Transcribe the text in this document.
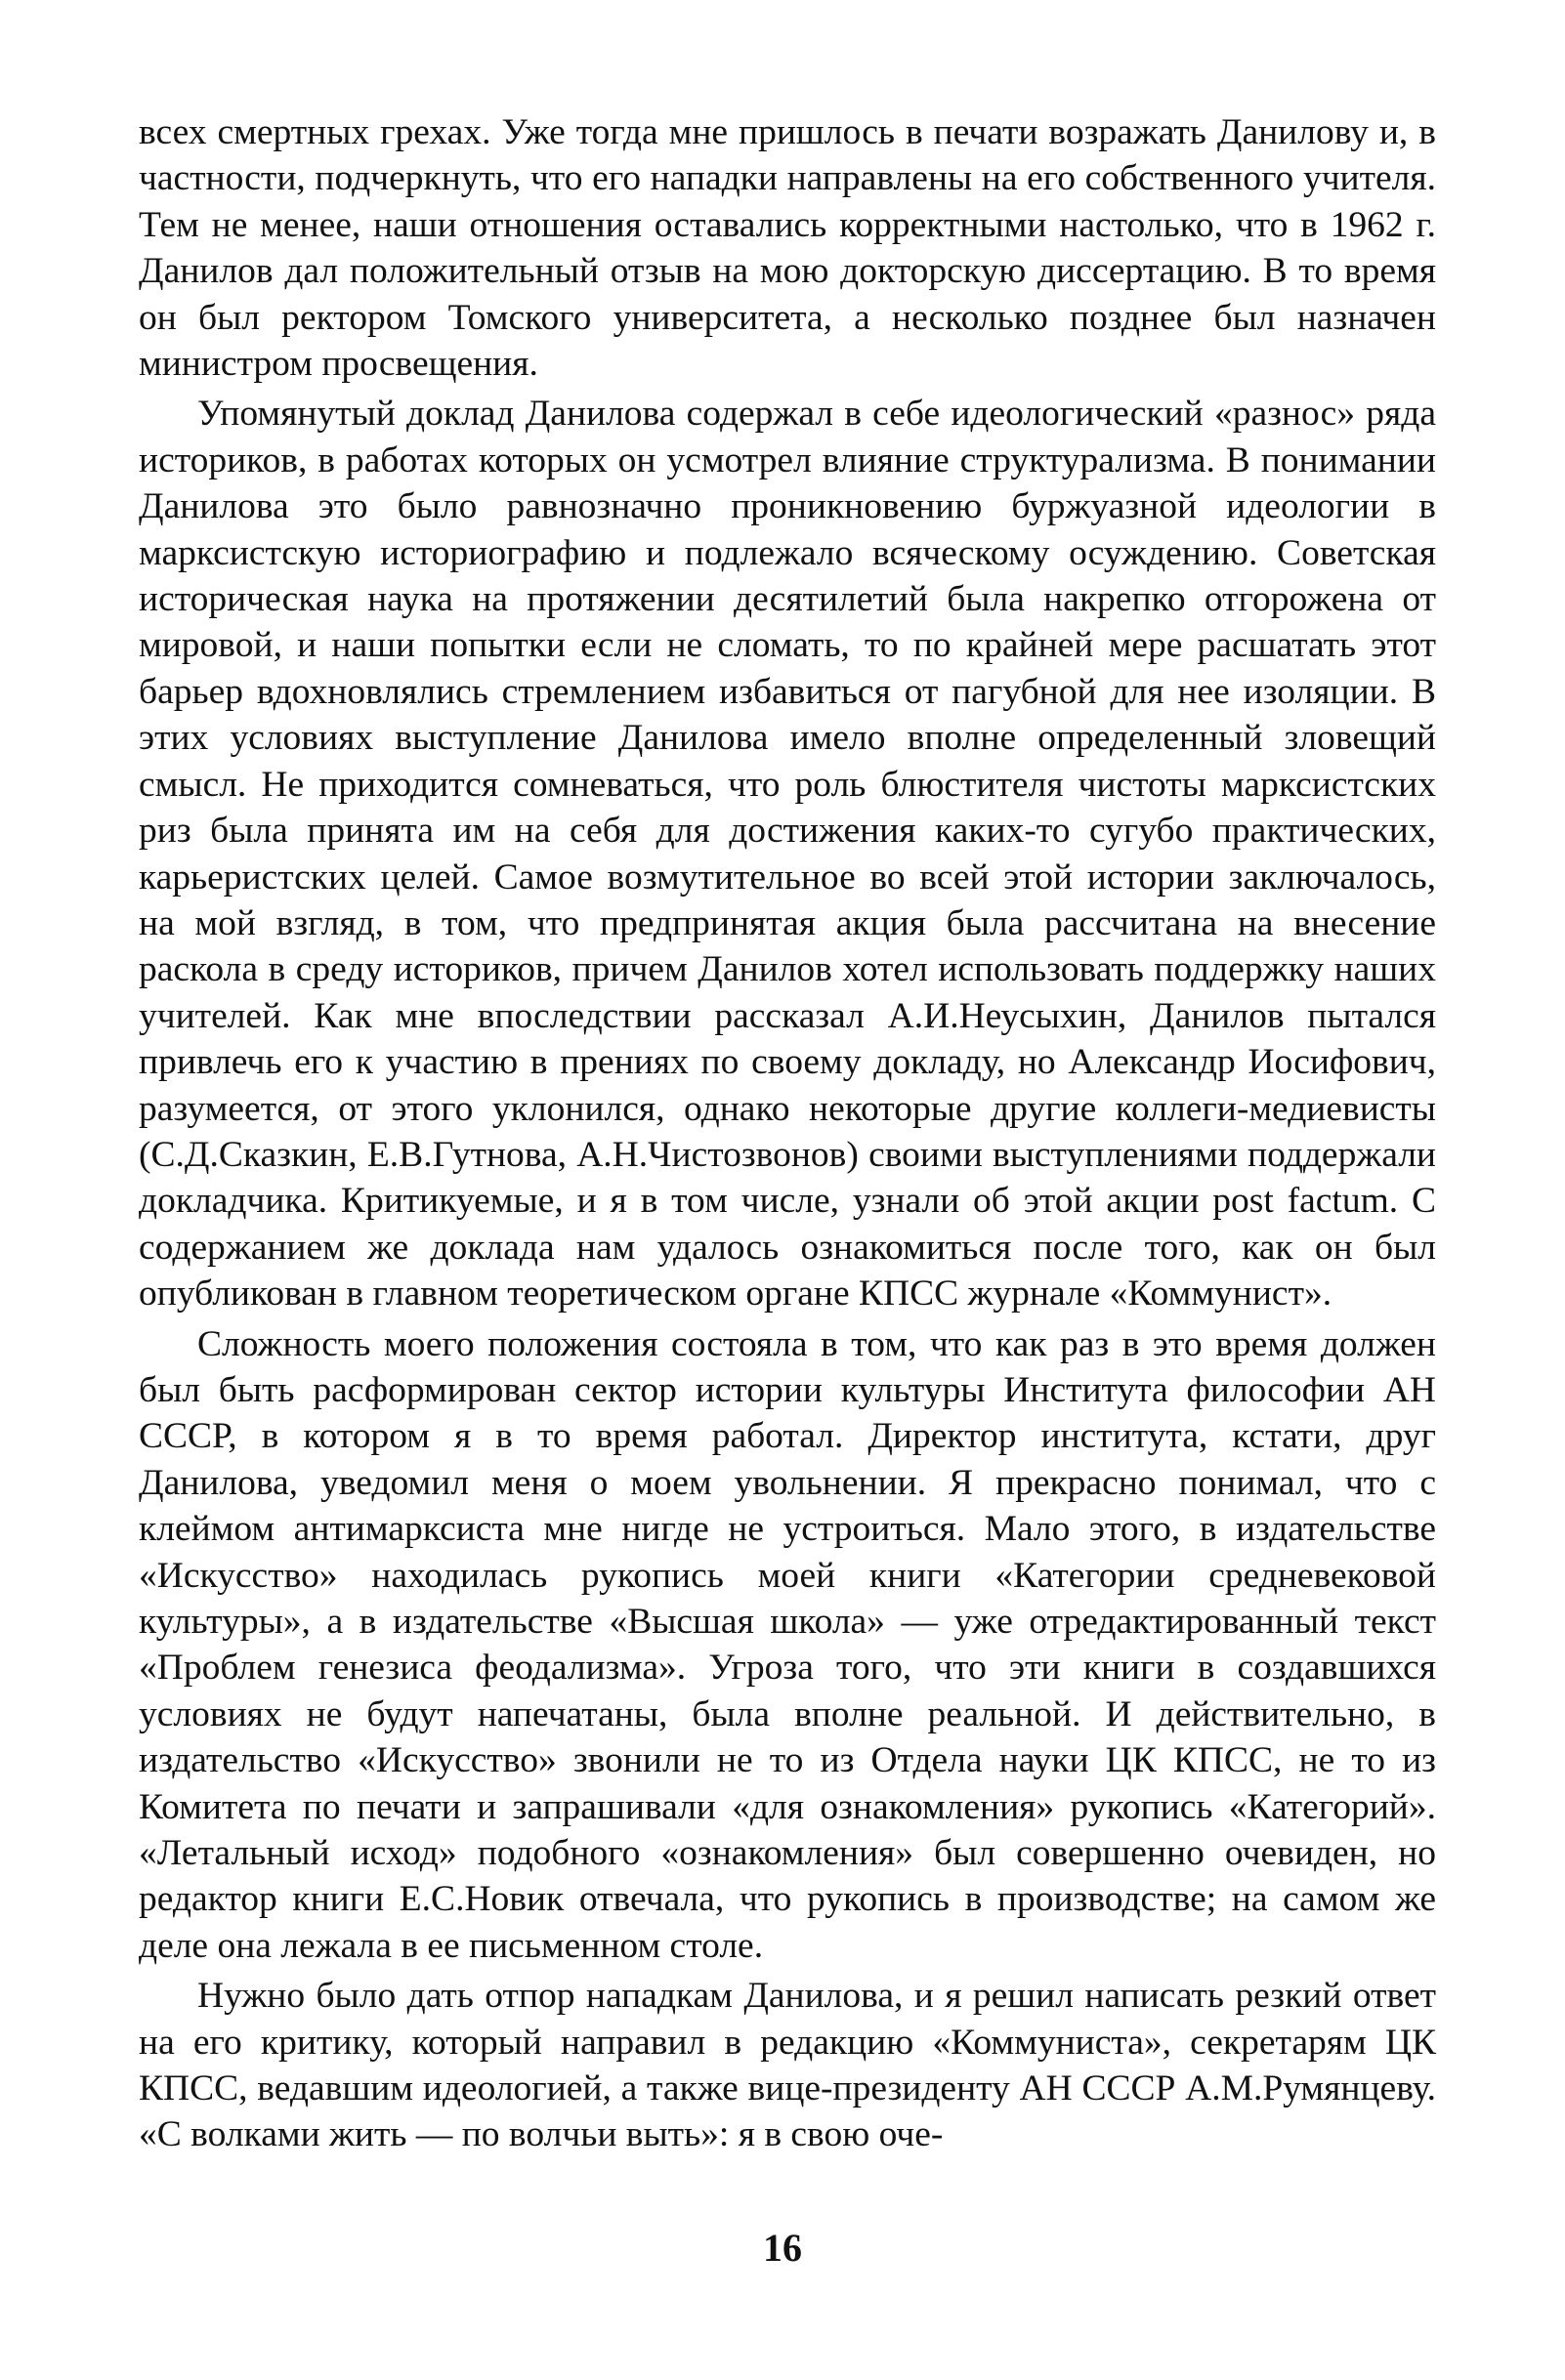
всех смертных грехах. Уже тогда мне пришлось в печати возражать Данилову и, в частности, подчеркнуть, что его нападки направлены на его собственного учителя. Тем не менее, наши отношения оставались корректными настолько, что в 1962 г. Данилов дал положительный отзыв на мою докторскую диссертацию. В то время он был ректором Томского университета, а несколько позднее был назначен министром просвещения.

Упомянутый доклад Данилова содержал в себе идеологический «разнос» ряда историков, в работах которых он усмотрел влияние структурализма. В понимании Данилова это было равнозначно проникновению буржуазной идеологии в марксистскую историографию и подлежало всяческому осуждению. Советская историческая наука на протяжении десятилетий была накрепко отгорожена от мировой, и наши попытки если не сломать, то по крайней мере расшатать этот барьер вдохновлялись стремлением избавиться от пагубной для нее изоляции. В этих условиях выступление Данилова имело вполне определенный зловещий смысл. Не приходится сомневаться, что роль блюстителя чистоты марксистских риз была принята им на себя для достижения каких-то сугубо практических, карьеристских целей. Самое возмутительное во всей этой истории заключалось, на мой взгляд, в том, что предпринятая акция была рассчитана на внесение раскола в среду историков, причем Данилов хотел использовать поддержку наших учителей. Как мне впоследствии рассказал А.И.Неусыхин, Данилов пытался привлечь его к участию в прениях по своему докладу, но Александр Иосифович, разумеется, от этого уклонился, однако некоторые другие коллеги-медиевисты (С.Д.Сказкин, Е.В.Гутнова, А.Н.Чистозвонов) своими выступлениями поддержали докладчика. Критикуемые, и я в том числе, узнали об этой акции post factum. С содержанием же доклада нам удалось ознакомиться после того, как он был опубликован в главном теоретическом органе КПСС журнале «Коммунист».

Сложность моего положения состояла в том, что как раз в это время должен был быть расформирован сектор истории культуры Института философии АН СССР, в котором я в то время работал. Директор института, кстати, друг Данилова, уведомил меня о моем увольнении. Я прекрасно понимал, что с клеймом антимарксиста мне нигде не устроиться. Мало этого, в издательстве «Искусство» находилась рукопись моей книги «Категории средневековой культуры», а в издательстве «Высшая школа» — уже отредактированный текст «Проблем генезиса феодализма». Угроза того, что эти книги в создавшихся условиях не будут напечатаны, была вполне реальной. И действительно, в издательство «Искусство» звонили не то из Отдела науки ЦК КПСС, не то из Комитета по печати и запрашивали «для ознакомления» рукопись «Категорий». «Летальный исход» подобного «ознакомления» был совершенно очевиден, но редактор книги Е.С.Новик отвечала, что рукопись в производстве; на самом же деле она лежала в ее письменном столе.

Нужно было дать отпор нападкам Данилова, и я решил написать резкий ответ на его критику, который направил в редакцию «Коммуниста», секретарям ЦК КПСС, ведавшим идеологией, а также вице-президенту АН СССР А.М.Румянцеву. «С волками жить — по волчьи выть»: я в свою оче-

16
